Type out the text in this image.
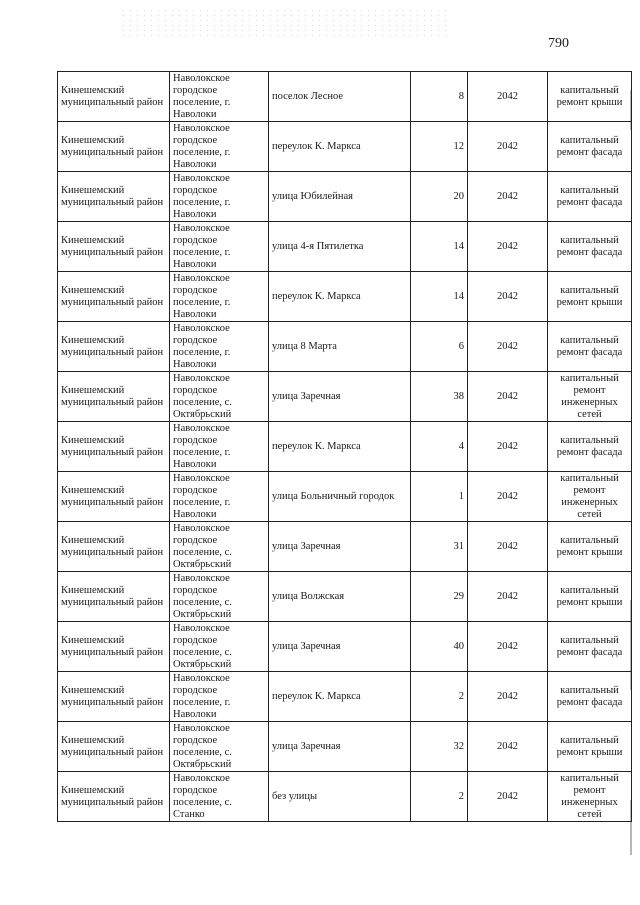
790
Кинешемский муниципальный район	Наволокское городское поселение, г. Наволоки	поселок Лесное	8	2042	капитальный ремонт крыши
Кинешемский муниципальный район	Наволокское городское поселение, г. Наволоки	переулок К. Маркса	12	2042	капитальный ремонт фасада
Кинешемский муниципальный район	Наволокское городское поселение, г. Наволоки	улица Юбилейная	20	2042	капитальный ремонт фасада
Кинешемский муниципальный район	Наволокское городское поселение, г. Наволоки	улица 4-я Пятилетка	14	2042	капитальный ремонт фасада
Кинешемский муниципальный район	Наволокское городское поселение, г. Наволоки	переулок К. Маркса	14	2042	капитальный ремонт крыши
Кинешемский муниципальный район	Наволокское городское поселение, г. Наволоки	улица 8 Марта	6	2042	капитальный ремонт фасада
Кинешемский муниципальный район	Наволокское городское поселение, с. Октябрьский	улица Заречная	38	2042	капитальный ремонт инженерных сетей
Кинешемский муниципальный район	Наволокское городское поселение, г. Наволоки	переулок К. Маркса	4	2042	капитальный ремонт фасада
Кинешемский муниципальный район	Наволокское городское поселение, г. Наволоки	улица Больничный городок	1	2042	капитальный ремонт инженерных сетей
Кинешемский муниципальный район	Наволокское городское поселение, с. Октябрьский	улица Заречная	31	2042	капитальный ремонт крыши
Кинешемский муниципальный район	Наволокское городское поселение, с. Октябрьский	улица Волжская	29	2042	капитальный ремонт крыши
Кинешемский муниципальный район	Наволокское городское поселение, с. Октябрьский	улица Заречная	40	2042	капитальный ремонт фасада
Кинешемский муниципальный район	Наволокское городское поселение, г. Наволоки	переулок К. Маркса	2	2042	капитальный ремонт фасада
Кинешемский муниципальный район	Наволокское городское поселение, с. Октябрьский	улица Заречная	32	2042	капитальный ремонт крыши
Кинешемский муниципальный район	Наволокское городское поселение, с. Станко	без улицы	2	2042	капитальный ремонт инженерных сетей
